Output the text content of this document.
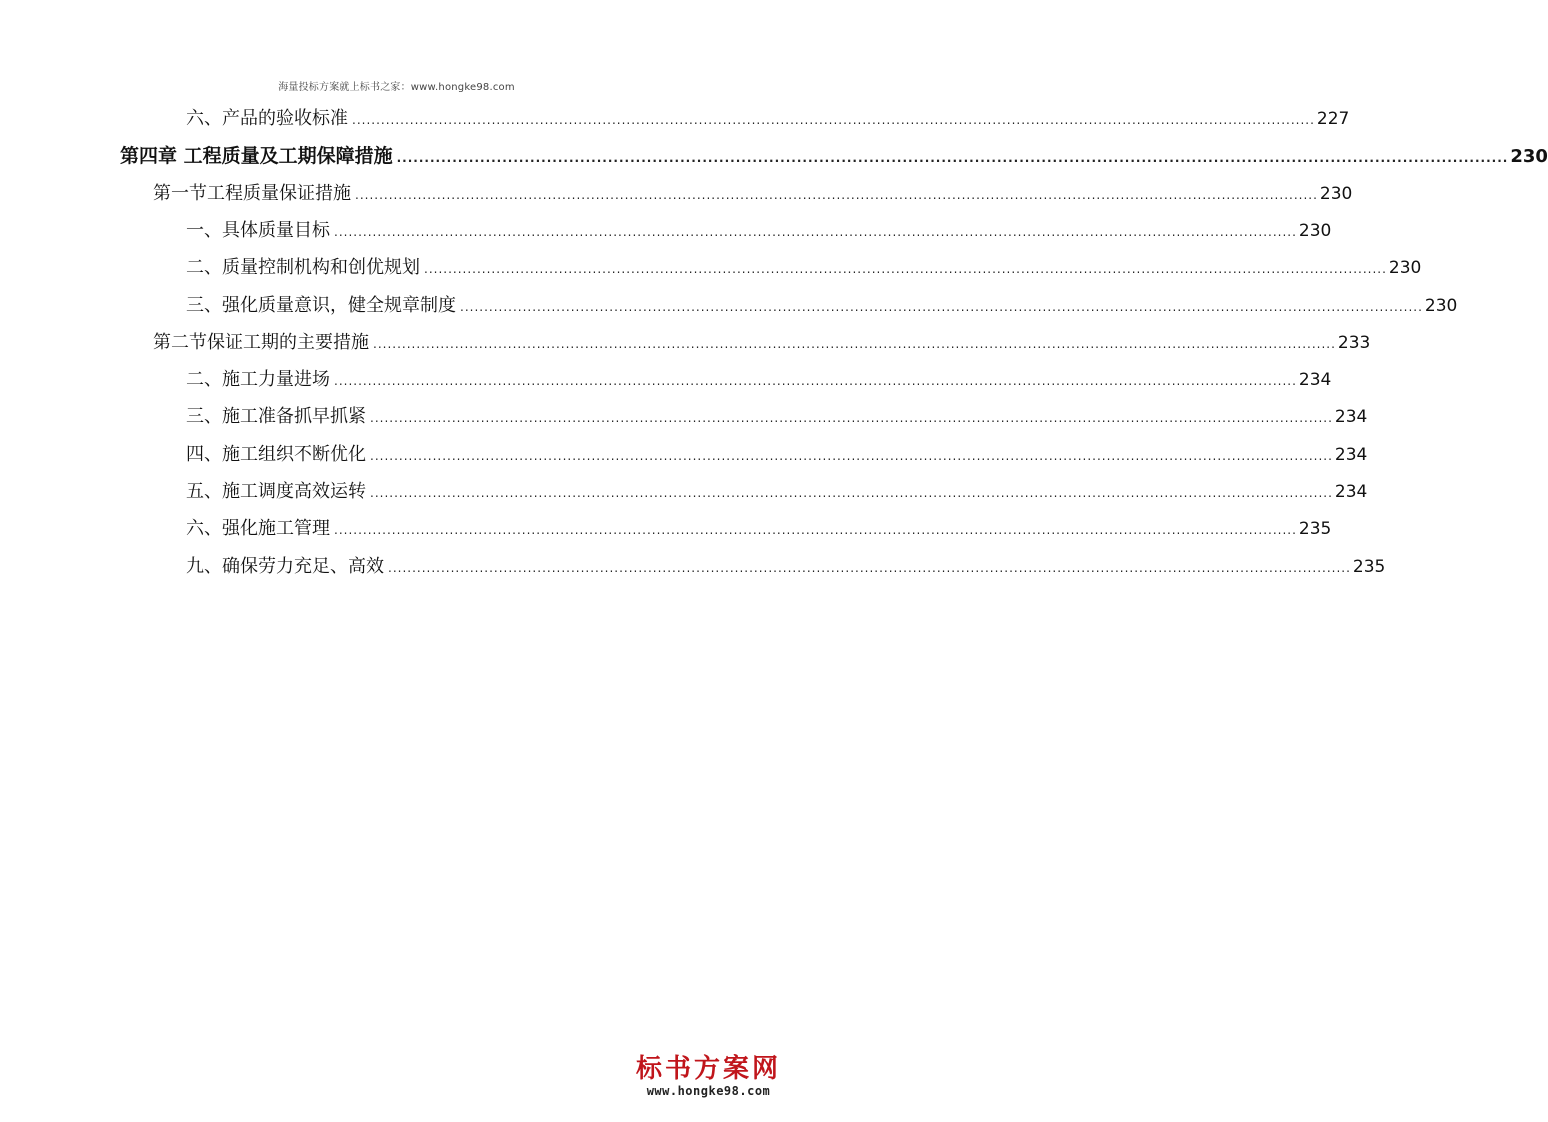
海量投标方案就上标书之家：www.hongke98.com
六、产品的验收标准 ........................................................................................................................................................................................................ 227
第四章 工程质量及工期保障措施 ........................................................................................................................................................................................................ 230
第一节工程质量保证措施 ........................................................................................................................................................................................................ 230
一、具体质量目标 ........................................................................................................................................................................................................ 230
二、质量控制机构和创优规划 ........................................................................................................................................................................................................ 230
三、强化质量意识，健全规章制度 ........................................................................................................................................................................................................ 230
第二节保证工期的主要措施 ........................................................................................................................................................................................................ 233
二、施工力量进场 ........................................................................................................................................................................................................ 234
三、施工准备抓早抓紧 ........................................................................................................................................................................................................ 234
四、施工组织不断优化 ........................................................................................................................................................................................................ 234
五、施工调度高效运转 ........................................................................................................................................................................................................ 234
六、强化施工管理 ........................................................................................................................................................................................................ 235
九、确保劳力充足、高效 ........................................................................................................................................................................................................ 235
标书方案网
www.hongke98.com
